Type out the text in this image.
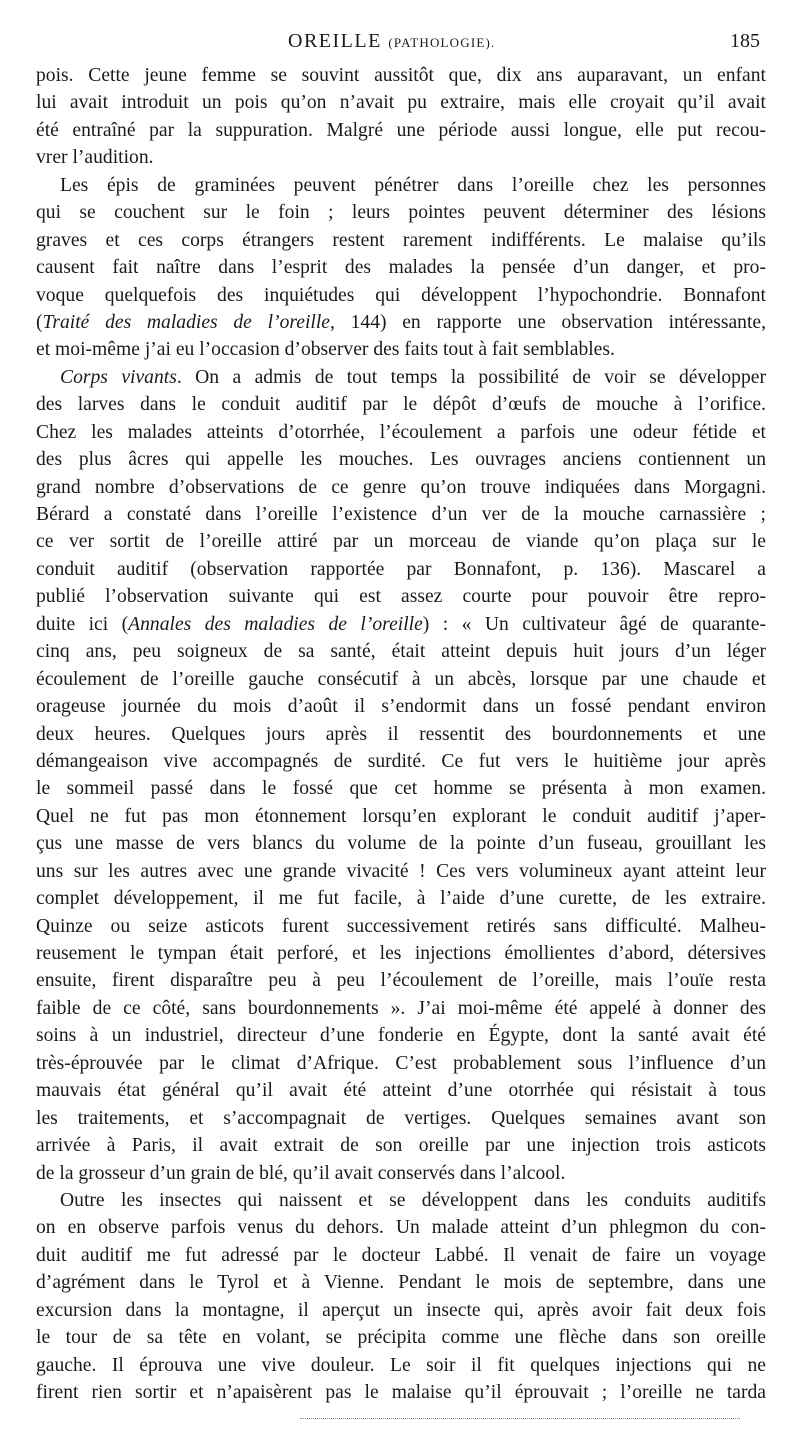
OREILLE (PATHOLOGIE).	185
pois. Cette jeune femme se souvint aussitôt que, dix ans auparavant, un enfant
lui avait introduit un pois qu’on n’avait pu extraire, mais elle croyait qu’il avait
été entraîné par la suppuration. Malgré une période aussi longue, elle put recou-
vrer l’audition.
Les épis de graminées peuvent pénétrer dans l’oreille chez les personnes
qui se couchent sur le foin ; leurs pointes peuvent déterminer des lésions
graves et ces corps étrangers restent rarement indifférents. Le malaise qu’ils
causent fait naître dans l’esprit des malades la pensée d’un danger, et pro-
voque quelquefois des inquiétudes qui développent l’hypochondrie. Bonnafont
(Traité des maladies de l’oreille, 144) en rapporte une observation intéressante,
et moi-même j’ai eu l’occasion d’observer des faits tout à fait semblables.
Corps vivants. On a admis de tout temps la possibilité de voir se développer
des larves dans le conduit auditif par le dépôt d’œufs de mouche à l’orifice.
Chez les malades atteints d’otorrhée, l’écoulement a parfois une odeur fétide et
des plus âcres qui appelle les mouches. Les ouvrages anciens contiennent un
grand nombre d’observations de ce genre qu’on trouve indiquées dans Morgagni.
Bérard a constaté dans l’oreille l’existence d’un ver de la mouche carnassière ;
ce ver sortit de l’oreille attiré par un morceau de viande qu’on plaça sur le
conduit auditif (observation rapportée par Bonnafont, p. 136). Mascarel a
publié l’observation suivante qui est assez courte pour pouvoir être repro-
duite ici (Annales des maladies de l’oreille) : « Un cultivateur âgé de quarante-
cinq ans, peu soigneux de sa santé, était atteint depuis huit jours d’un léger
écoulement de l’oreille gauche consécutif à un abcès, lorsque par une chaude et
orageuse journée du mois d’août il s’endormit dans un fossé pendant environ
deux heures. Quelques jours après il ressentit des bourdonnements et une
démangeaison vive accompagnés de surdité. Ce fut vers le huitième jour après
le sommeil passé dans le fossé que cet homme se présenta à mon examen.
Quel ne fut pas mon étonnement lorsqu’en explorant le conduit auditif j’aper-
çus une masse de vers blancs du volume de la pointe d’un fuseau, grouillant les
uns sur les autres avec une grande vivacité ! Ces vers volumineux ayant atteint leur
complet développement, il me fut facile, à l’aide d’une curette, de les extraire.
Quinze ou seize asticots furent successivement retirés sans difficulté. Malheu-
reusement le tympan était perforé, et les injections émollientes d’abord, détersives
ensuite, firent disparaître peu à peu l’écoulement de l’oreille, mais l’ouïe resta
faible de ce côté, sans bourdonnements ». J’ai moi-même été appelé à donner des
soins à un industriel, directeur d’une fonderie en Égypte, dont la santé avait été
très-éprouvée par le climat d’Afrique. C’est probablement sous l’influence d’un
mauvais état général qu’il avait été atteint d’une otorrhée qui résistait à tous
les traitements, et s’accompagnait de vertiges. Quelques semaines avant son
arrivée à Paris, il avait extrait de son oreille par une injection trois asticots
de la grosseur d’un grain de blé, qu’il avait conservés dans l’alcool.
Outre les insectes qui naissent et se développent dans les conduits auditifs
on en observe parfois venus du dehors. Un malade atteint d’un phlegmon du con-
duit auditif me fut adressé par le docteur Labbé. Il venait de faire un voyage
d’agrément dans le Tyrol et à Vienne. Pendant le mois de septembre, dans une
excursion dans la montagne, il aperçut un insecte qui, après avoir fait deux fois
le tour de sa tête en volant, se précipita comme une flèche dans son oreille
gauche. Il éprouva une vive douleur. Le soir il fit quelques injections qui ne
firent rien sortir et n’apaisèrent pas le malaise qu’il éprouvait ; l’oreille ne tarda
